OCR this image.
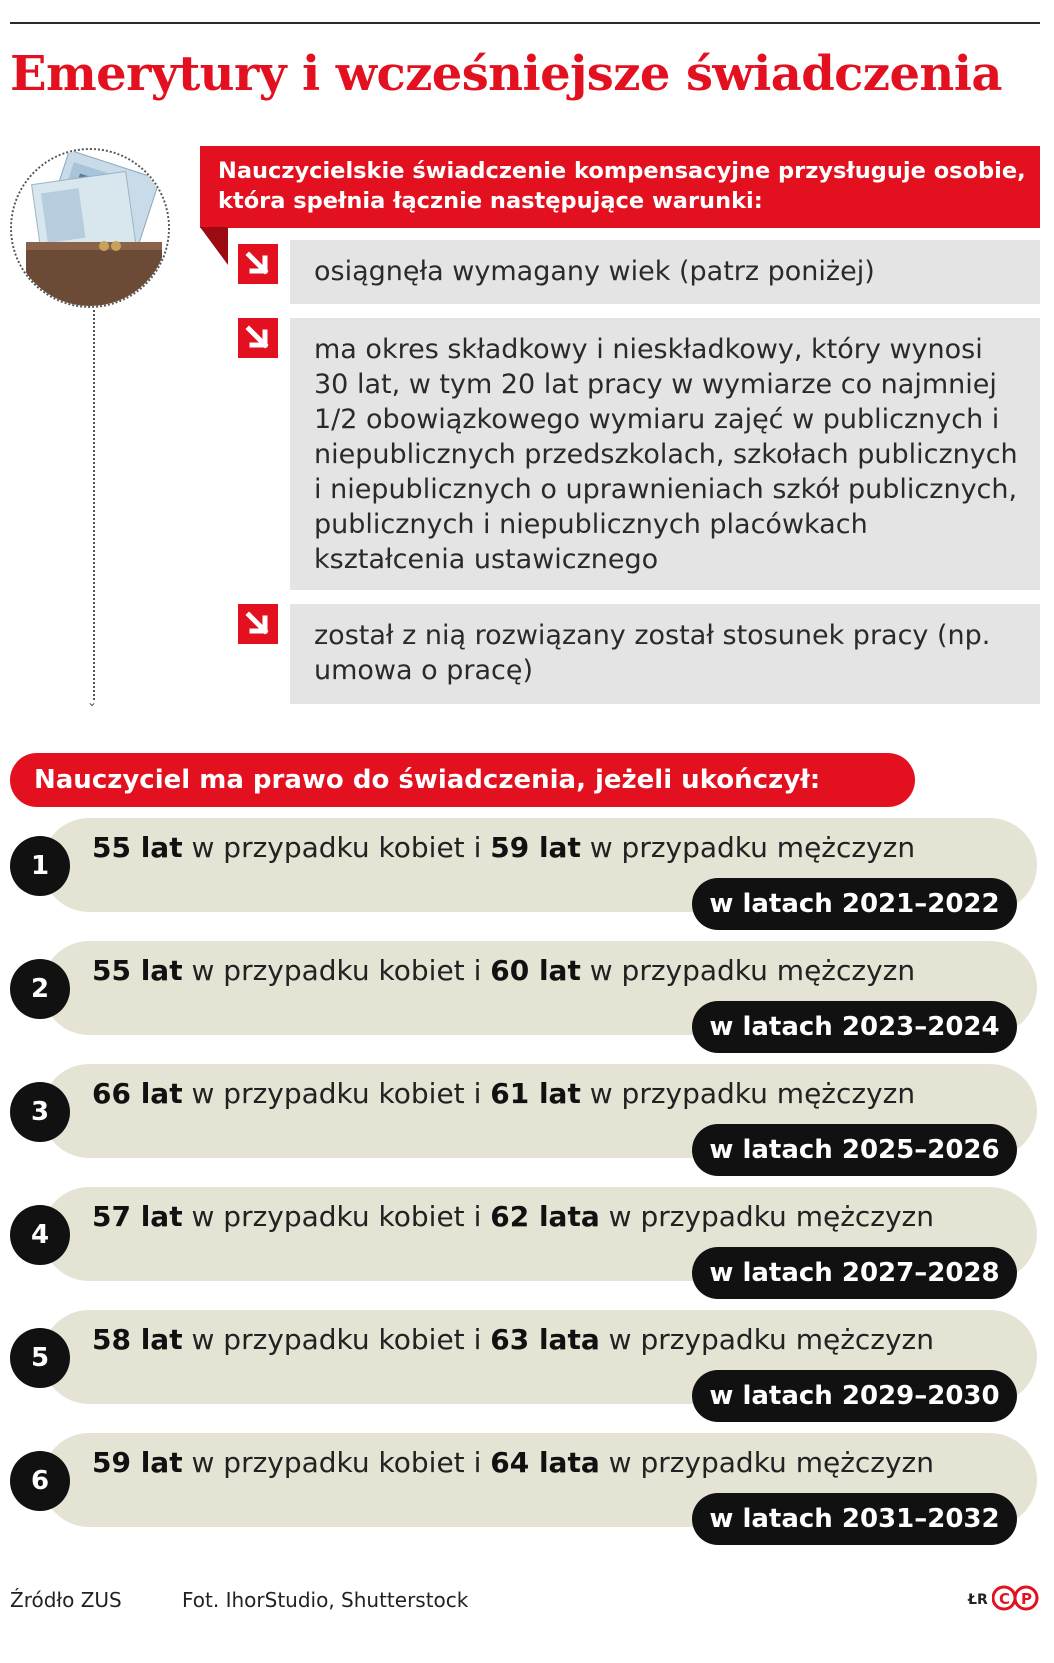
Emerytury i wcześniejsze świadczenia
⌄
Nauczycielskie świadczenie kompensacyjne przysługuje osobie, która spełnia łącznie następujące warunki:
osiągnęła wymagany wiek (patrz poniżej)
ma okres składkowy i nieskładkowy, który wynosi 30 lat, w tym 20 lat pracy w wymiarze co najmniej 1/2 obowiązkowego wymiaru zajęć w publicznych i niepublicznych przedszkolach, szkołach publicznych i niepublicznych o uprawnieniach szkół publicznych, publicznych i niepublicznych placówkach kształcenia ustawicznego
został z nią rozwiązany został stosunek pracy (np. umowa o pracę)
Nauczyciel ma prawo do świadczenia, jeżeli ukończył:
1
55 lat w przypadku kobiet i 59 lat w przypadku mężczyzn
w latach 2021–2022
2
55 lat w przypadku kobiet i 60 lat w przypadku mężczyzn
w latach 2023–2024
3
66 lat w przypadku kobiet i 61 lat w przypadku mężczyzn
w latach 2025–2026
4
57 lat w przypadku kobiet i 62 lata w przypadku mężczyzn
w latach 2027–2028
5
58 lat w przypadku kobiet i 63 lata w przypadku mężczyzn
w latach 2029–2030
6
59 lat w przypadku kobiet i 64 lata w przypadku mężczyzn
w latach 2031–2032
Źródło ZUS	Fot. IhorStudio, Shutterstock	ŁR C P
